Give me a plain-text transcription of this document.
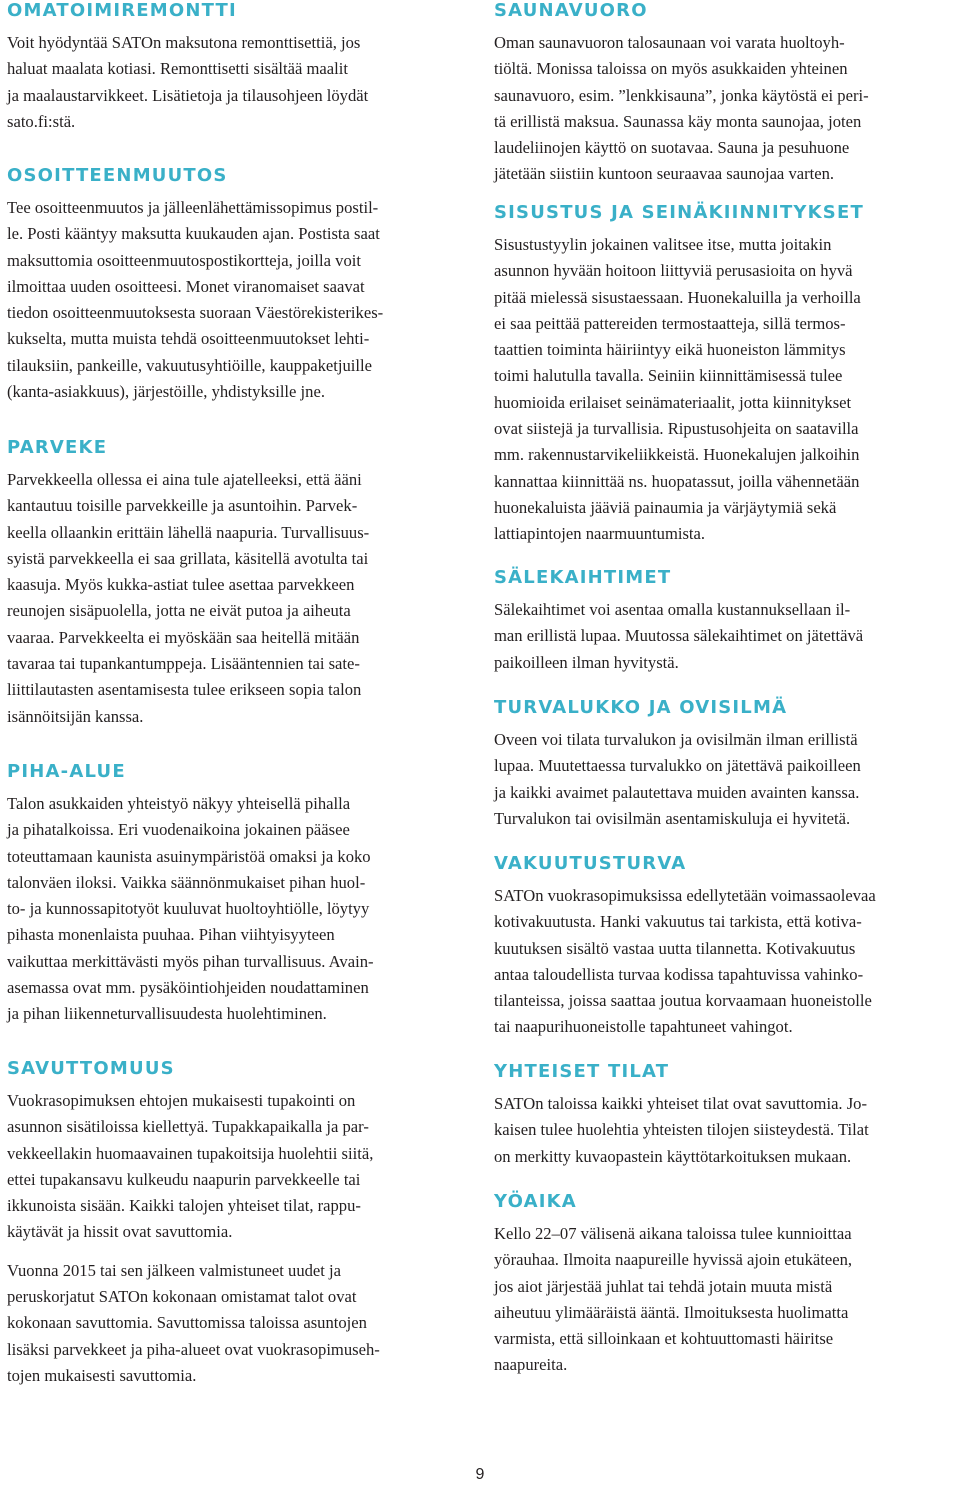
OMATOIMIREMONTTI

Voit hyödyntää SATOn maksutona remonttisettiä, jos
haluat maalata kotiasi. Remonttisetti sisältää maalit
ja maalaustarvikkeet. Lisätietoja ja tilausohjeen löydät
sato.fi:stä.

OSOITTEENMUUTOS

Tee osoitteenmuutos ja jälleenlähettämissopimus postil-
le. Posti kääntyy maksutta kuukauden ajan. Postista saat
maksuttomia osoitteenmuutospostikortteja, joilla voit
ilmoittaa uuden osoitteesi. Monet viranomaiset saavat
tiedon osoitteenmuutoksesta suoraan Väestörekisterikes-
kukselta, mutta muista tehdä osoitteenmuutokset lehti-
tilauksiin, pankeille, vakuutusyhtiöille, kauppaketjuille
(kanta-asiakkuus), järjestöille, yhdistyksille jne.

PARVEKE

Parvekkeella ollessa ei aina tule ajatelleeksi, että ääni
kantautuu toisille parvekkeille ja asuntoihin. Parvek-
keella ollaankin erittäin lähellä naapuria. Turvallisuus-
syistä parvekkeella ei saa grillata, käsitellä avotulta tai
kaasuja. Myös kukka-astiat tulee asettaa parvekkeen
reunojen sisäpuolella, jotta ne eivät putoa ja aiheuta
vaaraa. Parvekkeelta ei myöskään saa heitellä mitään
tavaraa tai tupankantumppeja. Lisääntennien tai sate-
liittilautasten asentamisesta tulee erikseen sopia talon
isännöitsijän kanssa.

PIHA-ALUE

Talon asukkaiden yhteistyö näkyy yhteisellä pihalla
ja pihatalkoissa. Eri vuodenaikoina jokainen pääsee
toteuttamaan kaunista asuinympäristöä omaksi ja koko
talonväen iloksi. Vaikka säännönmukaiset pihan huol-
to- ja kunnossapitotyöt kuuluvat huoltoyhtiölle, löytyy
pihasta monenlaista puuhaa. Pihan viihtyisyyteen
vaikuttaa merkittävästi myös pihan turvallisuus. Avain-
asemassa ovat mm. pysäköintiohjeiden noudattaminen
ja pihan liikenneturvallisuudesta huolehtiminen.

SAVUTTOMUUS

Vuokrasopimuksen ehtojen mukaisesti tupakointi on
asunnon sisätiloissa kiellettyä. Tupakkapaikalla ja par-
vekkeellakin huomaavainen tupakoitsija huolehtii siitä,
ettei tupakansavu kulkeudu naapurin parvekkeelle tai
ikkunoista sisään. Kaikki talojen yhteiset tilat, rappu-
käytävät ja hissit ovat savuttomia.

Vuonna 2015 tai sen jälkeen valmistuneet uudet ja
peruskorjatut SATOn kokonaan omistamat talot ovat
kokonaan savuttomia. Savuttomissa taloissa asuntojen
lisäksi parvekkeet ja piha-alueet ovat vuokrasopimuseh-
tojen mukaisesti savuttomia.

SAUNAVUORO

Oman saunavuoron talosaunaan voi varata huoltoyh-
tiöltä. Monissa taloissa on myös asukkaiden yhteinen
saunavuoro, esim. ”lenkkisauna”, jonka käytöstä ei peri-
tä erillistä maksua. Saunassa käy monta saunojaa, joten
laudeliinojen käyttö on suotavaa. Sauna ja pesuhuone
jätetään siistiin kuntoon seuraavaa saunojaa varten.

SISUSTUS JA SEINÄKIINNITYKSET

Sisustustyylin jokainen valitsee itse, mutta joitakin
asunnon hyvään hoitoon liittyviä perusasioita on hyvä
pitää mielessä sisustaessaan. Huonekaluilla ja verhoilla
ei saa peittää pattereiden termostaatteja, sillä termos-
taattien toiminta häiriintyy eikä huoneiston lämmitys
toimi halutulla tavalla. Seiniin kiinnittämisessä tulee
huomioida erilaiset seinämateriaalit, jotta kiinnitykset
ovat siistejä ja turvallisia. Ripustusohjeita on saatavilla
mm. rakennustarvikeliikkeistä. Huonekalujen jalkoihin
kannattaa kiinnittää ns. huopatassut, joilla vähennetään
huonekaluista jääviä painaumia ja värjäytymiä sekä
lattiapintojen naarmuuntumista.

SÄLEKAIHTIMET

Sälekaihtimet voi asentaa omalla kustannuksellaan il-
man erillistä lupaa. Muutossa sälekaihtimet on jätettävä
paikoilleen ilman hyvitystä.

TURVALUKKO JA OVISILMÄ

Oveen voi tilata turvalukon ja ovisilmän ilman erillistä
lupaa. Muutettaessa turvalukko on jätettävä paikoilleen
ja kaikki avaimet palautettava muiden avainten kanssa.
Turvalukon tai ovisilmän asentamiskuluja ei hyvitetä.

VAKUUTUSTURVA

SATOn vuokrasopimuksissa edellytetään voimassaolevaa
kotivakuutusta. Hanki vakuutus tai tarkista, että kotiva-
kuutuksen sisältö vastaa uutta tilannetta. Kotivakuutus
antaa taloudellista turvaa kodissa tapahtuvissa vahinko-
tilanteissa, joissa saattaa joutua korvaamaan huoneistolle
tai naapurihuoneistolle tapahtuneet vahingot.

YHTEISET TILAT

SATOn taloissa kaikki yhteiset tilat ovat savuttomia. Jo-
kaisen tulee huolehtia yhteisten tilojen siisteydestä. Tilat
on merkitty kuvaopastein käyttötarkoituksen mukaan.

YÖAIKA

Kello 22–07 välisenä aikana taloissa tulee kunnioittaa
yörauhaa. Ilmoita naapureille hyvissä ajoin etukäteen,
jos aiot järjestää juhlat tai tehdä jotain muuta mistä
aiheutuu ylimääräistä ääntä. Ilmoituksesta huolimatta
varmista, että silloinkaan et kohtuuttomasti häiritse
naapureita.

9
